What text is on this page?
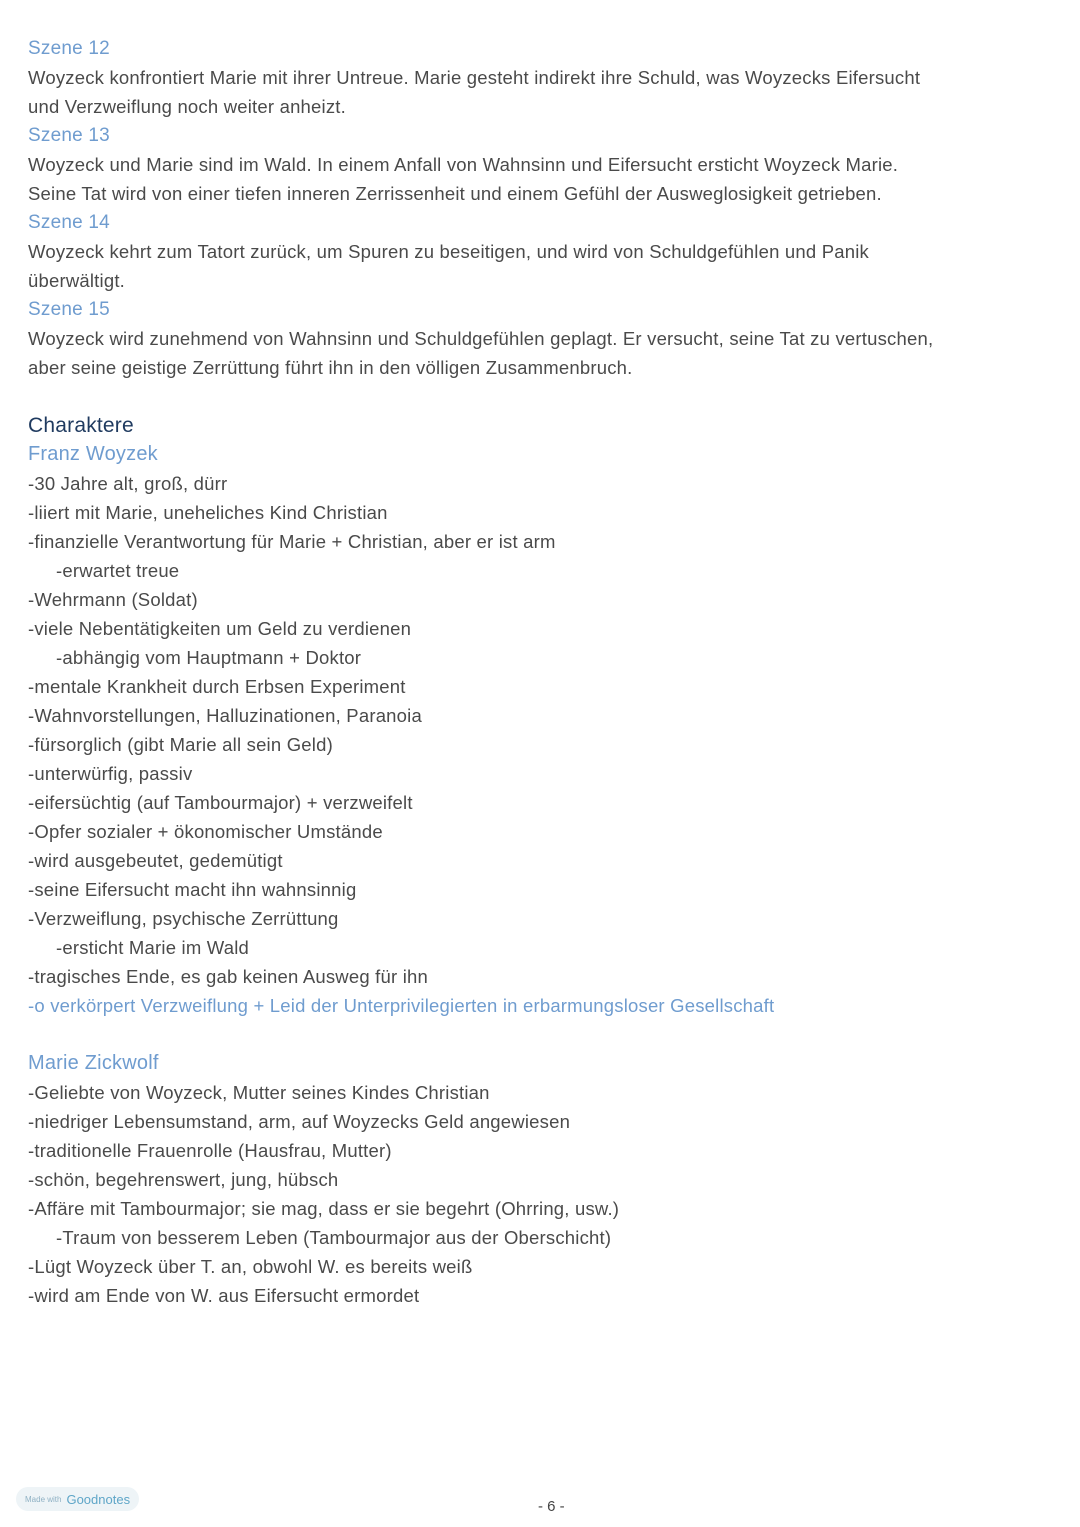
Szene 12
Woyzeck konfrontiert Marie mit ihrer Untreue. Marie gesteht indirekt ihre Schuld, was Woyzecks Eifersucht
und Verzweiflung noch weiter anheizt.
Szene 13
Woyzeck und Marie sind im Wald. In einem Anfall von Wahnsinn und Eifersucht ersticht Woyzeck Marie.
Seine Tat wird von einer tiefen inneren Zerrissenheit und einem Gefühl der Ausweglosigkeit getrieben.
Szene 14
Woyzeck kehrt zum Tatort zurück, um Spuren zu beseitigen, und wird von Schuldgefühlen und Panik
überwältigt.
Szene 15
Woyzeck wird zunehmend von Wahnsinn und Schuldgefühlen geplagt. Er versucht, seine Tat zu vertuschen,
aber seine geistige Zerrüttung führt ihn in den völligen Zusammenbruch.
Charaktere
Franz Woyzek
-30 Jahre alt, groß, dürr
-liiert mit Marie, uneheliches Kind Christian
-finanzielle Verantwortung für Marie + Christian, aber er ist arm
-erwartet treue
-Wehrmann (Soldat)
-viele Nebentätigkeiten um Geld zu verdienen
-abhängig vom Hauptmann + Doktor
-mentale Krankheit durch Erbsen Experiment
-Wahnvorstellungen, Halluzinationen, Paranoia
-fürsorglich (gibt Marie all sein Geld)
-unterwürfig, passiv
-eifersüchtig (auf Tambourmajor) + verzweifelt
-Opfer sozialer + ökonomischer Umstände
-wird ausgebeutet, gedemütigt
-seine Eifersucht macht ihn wahnsinnig
-Verzweiflung, psychische Zerrüttung
-ersticht Marie im Wald
-tragisches Ende, es gab keinen Ausweg für ihn
-o verkörpert Verzweiflung + Leid der Unterprivilegierten in erbarmungsloser Gesellschaft
Marie Zickwolf
-Geliebte von Woyzeck, Mutter seines Kindes Christian
-niedriger Lebensumstand, arm, auf Woyzecks Geld angewiesen
-traditionelle Frauenrolle (Hausfrau, Mutter)
-schön, begehrenswert, jung, hübsch
-Affäre mit Tambourmajor; sie mag, dass er sie begehrt (Ohrring, usw.)
-Traum von besserem Leben (Tambourmajor aus der Oberschicht)
-Lügt Woyzeck über T. an, obwohl W. es bereits weiß
-wird am Ende von W. aus Eifersucht ermordet
Made with Goodnotes	- 6 -
